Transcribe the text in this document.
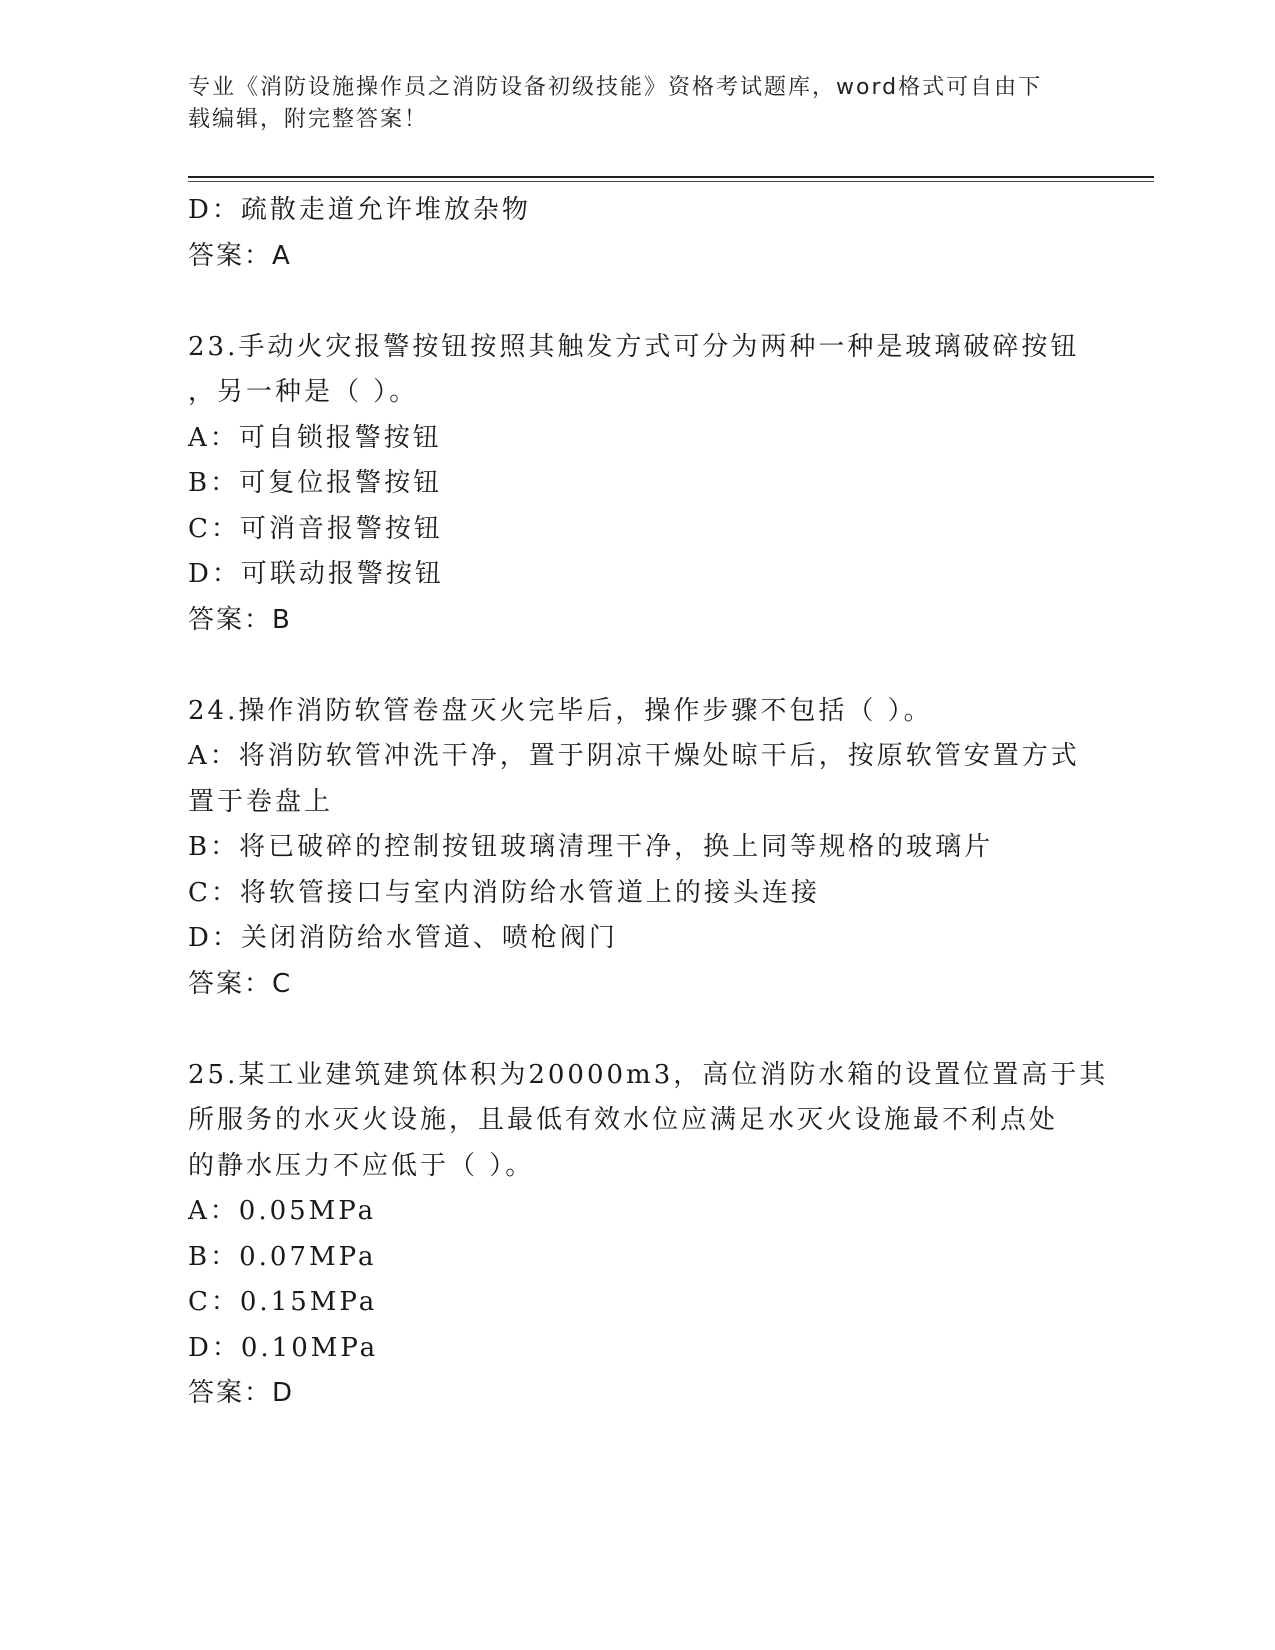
专业《消防设施操作员之消防设备初级技能》资格考试题库，word格式可自由下
载编辑，附完整答案！
D：疏散走道允许堆放杂物
答案：A
23.手动火灾报警按钮按照其触发方式可分为两种一种是玻璃破碎按钮
，另一种是（ ）。
A：可自锁报警按钮
B：可复位报警按钮
C：可消音报警按钮
D：可联动报警按钮
答案：B
24.操作消防软管卷盘灭火完毕后，操作步骤不包括（ ）。
A：将消防软管冲洗干净，置于阴凉干燥处晾干后，按原软管安置方式
置于卷盘上
B：将已破碎的控制按钮玻璃清理干净，换上同等规格的玻璃片
C：将软管接口与室内消防给水管道上的接头连接
D：关闭消防给水管道、喷枪阀门
答案：C
25.某工业建筑建筑体积为20000m3，高位消防水箱的设置位置高于其
所服务的水灭火设施，且最低有效水位应满足水灭火设施最不利点处
的静水压力不应低于（ ）。
A：0.05MPa
B：0.07MPa
C：0.15MPa
D：0.10MPa
答案：D
